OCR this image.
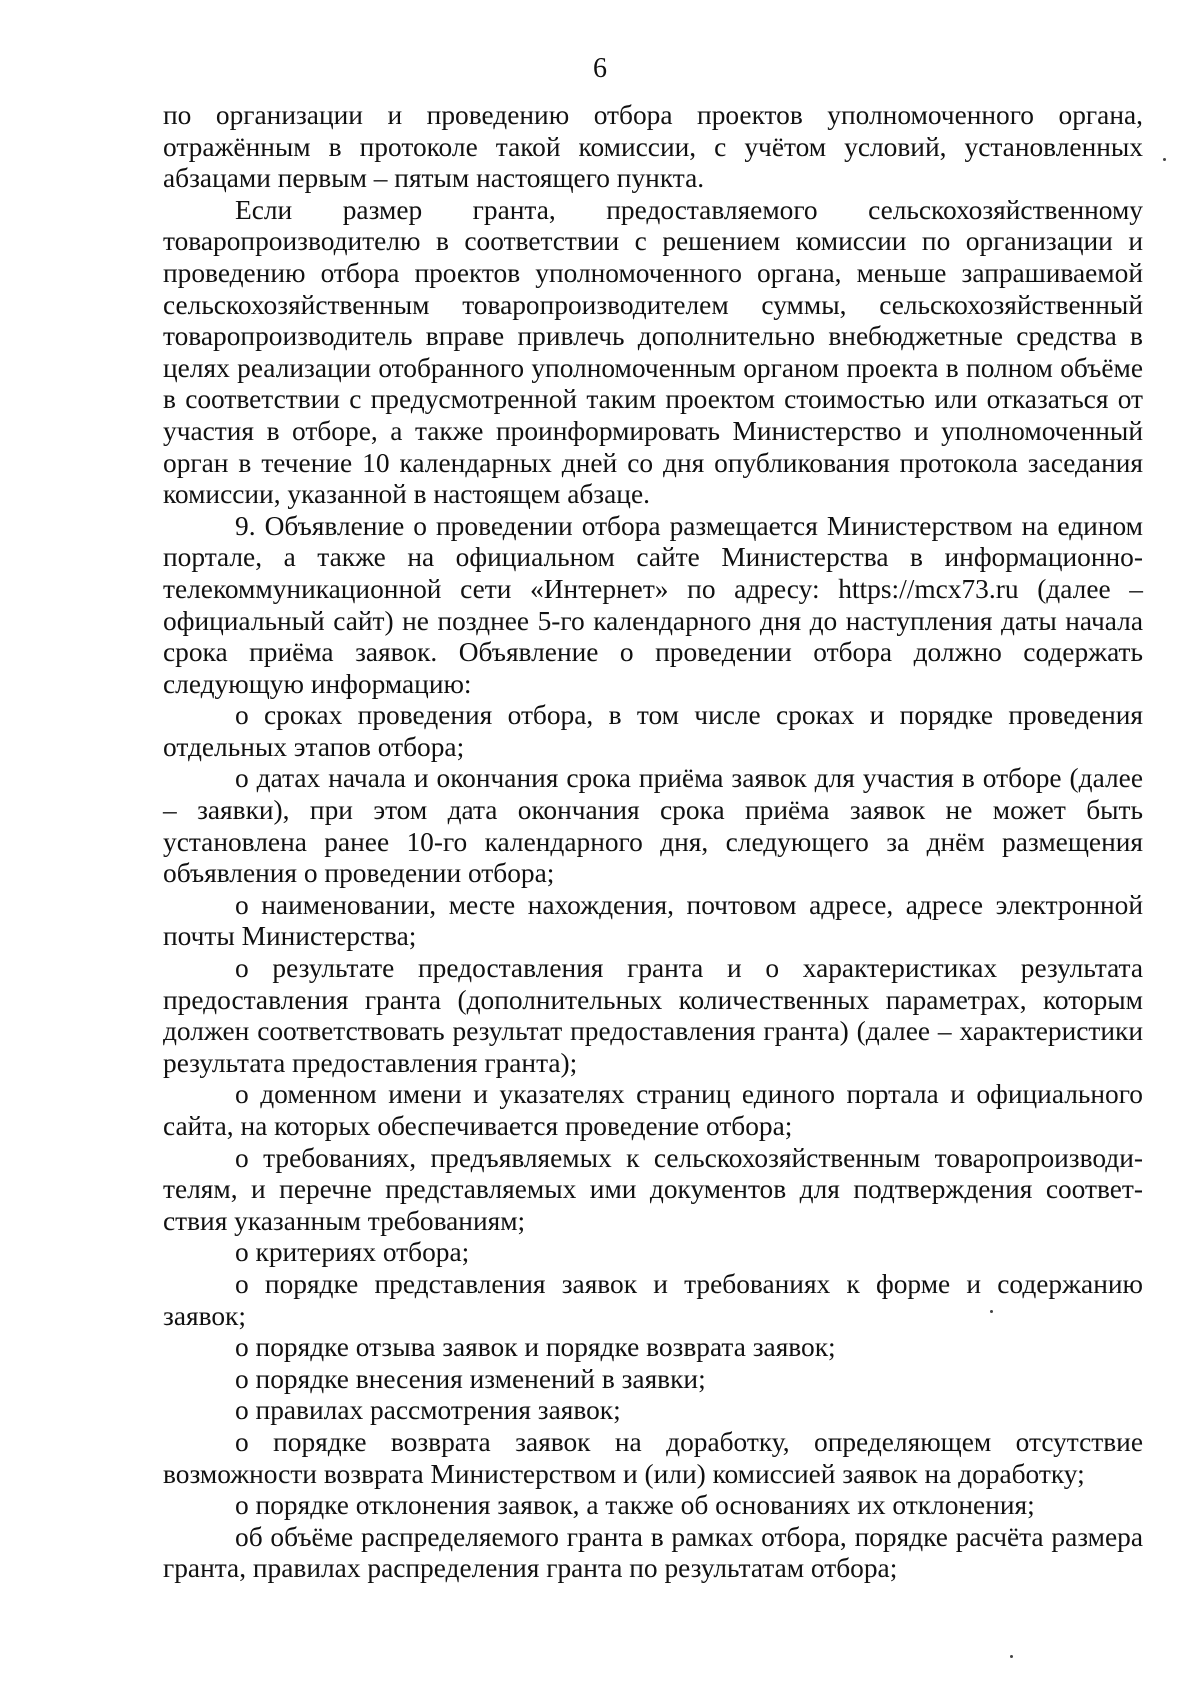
6

по организации и проведению отбора проектов уполномоченного органа, отражённым в протоколе такой комиссии, с учётом условий, установленных абзацами первым – пятым настоящего пункта.

Если размер гранта, предоставляемого сельскохозяйственному товаропроизводителю в соответствии с решением комиссии по организации и проведению отбора проектов уполномоченного органа, меньше запрашиваемой сельскохозяйственным товаропроизводителем суммы, сельскохозяйственный товаропроизводитель вправе привлечь дополнительно внебюджетные средства в целях реализации отобранного уполномоченным органом проекта в полном объёме в соответствии с предусмотренной таким проектом стоимостью или отказаться от участия в отборе, а также проинформировать Министерство и уполномоченный орган в течение 10 календарных дней со дня опубликования протокола заседания комиссии, указанной в настоящем абзаце.

9. Объявление о проведении отбора размещается Министерством на едином портале, а также на официальном сайте Министерства в информационно-телекоммуникационной сети «Интернет» по адресу: https://mcx73.ru (далее – официальный сайт) не позднее 5-го календарного дня до наступления даты начала срока приёма заявок. Объявление о проведении отбора должно содержать следующую информацию:

о сроках проведения отбора, в том числе сроках и порядке проведения отдельных этапов отбора;

о датах начала и окончания срока приёма заявок для участия в отборе (далее – заявки), при этом дата окончания срока приёма заявок не может быть установлена ранее 10-го календарного дня, следующего за днём размещения объявления о проведении отбора;

о наименовании, месте нахождения, почтовом адресе, адресе электронной почты Министерства;

о результате предоставления гранта и о характеристиках результата предоставления гранта (дополнительных количественных параметрах, которым должен соответствовать результат предоставления гранта) (далее – характеристики результата предоставления гранта);

о доменном имени и указателях страниц единого портала и официального сайта, на которых обеспечивается проведение отбора;

о требованиях, предъявляемых к сельскохозяйственным товаропроизводи-телям, и перечне представляемых ими документов для подтверждения соответ-ствия указанным требованиям;

о критериях отбора;

о порядке представления заявок и требованиях к форме и содержанию заявок;

о порядке отзыва заявок и порядке возврата заявок;

о порядке внесения изменений в заявки;

о правилах рассмотрения заявок;

о порядке возврата заявок на доработку, определяющем отсутствие возможности возврата Министерством и (или) комиссией заявок на доработку;

о порядке отклонения заявок, а также об основаниях их отклонения;

об объёме распределяемого гранта в рамках отбора, порядке расчёта размера гранта, правилах распределения гранта по результатам отбора;
